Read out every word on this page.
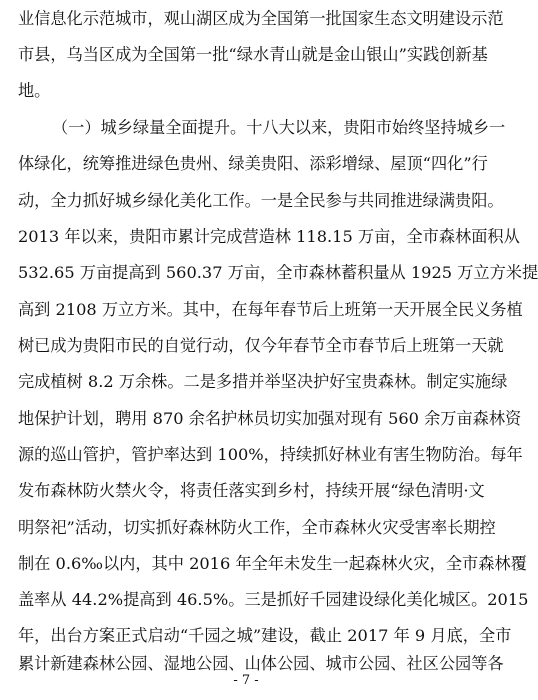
业信息化示范城市，观山湖区成为全国第一批国家生态文明建设示范
市县，乌当区成为全国第一批“绿水青山就是金山银山”实践创新基
地。
（一）城乡绿量全面提升。十八大以来，贵阳市始终坚持城乡一
体绿化，统筹推进绿色贵州、绿美贵阳、添彩增绿、屋顶“四化”行
动，全力抓好城乡绿化美化工作。一是全民参与共同推进绿满贵阳。
2013 年以来，贵阳市累计完成营造林 118.15 万亩，全市森林面积从
532.65 万亩提高到 560.37 万亩，全市森林蓄积量从 1925 万立方米提
高到 2108 万立方米。其中，在每年春节后上班第一天开展全民义务植
树已成为贵阳市民的自觉行动，仅今年春节全市春节后上班第一天就
完成植树 8.2 万余株。二是多措并举坚决护好宝贵森林。制定实施绿
地保护计划，聘用 870 余名护林员切实加强对现有 560 余万亩森林资
源的巡山管护，管护率达到 100%，持续抓好林业有害生物防治。每年
发布森林防火禁火令，将责任落实到乡村，持续开展“绿色清明·文
明祭祀”活动，切实抓好森林防火工作，全市森林火灾受害率长期控
制在 0.6‰以内，其中 2016 年全年未发生一起森林火灾，全市森林覆
盖率从 44.2%提高到 46.5%。三是抓好千园建设绿化美化城区。2015
年，出台方案正式启动“千园之城”建设，截止 2017 年 9 月底，全市
累计新建森林公园、湿地公园、山体公园、城市公园、社区公园等各
- 7 -
